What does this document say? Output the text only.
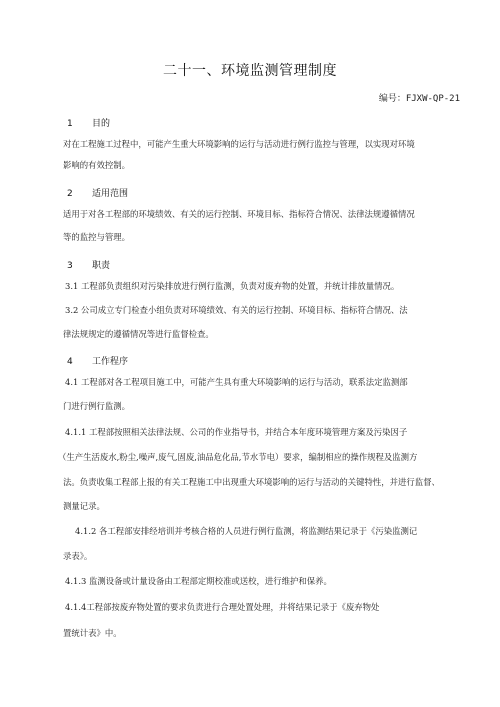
二十一、环境监测管理制度
编号：FJXW-QP-21
1 目的
对在工程施工过程中，可能产生重大环境影响的运行与活动进行例行监控与管理，以实现对环境
影响的有效控制。
2 适用范围
适用于对各工程部的环境绩效、有关的运行控制、环境目标、指标符合情况、法律法规遵循情况
等的监控与管理。
3 职责
3.1 工程部负责组织对污染排放进行例行监测，负责对废弃物的处置，并统计排放量情况。
3.2 公司成立专门检查小组负责对环境绩效、有关的运行控制、环境目标、指标符合情况、法
律法规规定的遵循情况等进行监督检查。
4 工作程序
4.1 工程部对各工程项目施工中，可能产生具有重大环境影响的运行与活动，联系法定监测部
门进行例行监测。
4.1.1 工程部按照相关法律法规、公司的作业指导书，并结合本年度环境管理方案及污染因子
（生产生活废水,粉尘,噪声,废气,固废,油品危化品,节水节电）要求，编制相应的操作规程及监测方
法。负责收集工程部上报的有关工程施工中出现重大环境影响的运行与活动的关键特性，并进行监督、
测量记录。
4.1.2 各工程部安排经培训并考核合格的人员进行例行监测，将监测结果记录于《污染监测记
录表》。
4.1.3 监测设备或计量设备由工程部定期校准或送校，进行维护和保养。
4.1.4工程部按废弃物处置的要求负责进行合理处置处理，并将结果记录于《废弃物处
置统计表》中。
